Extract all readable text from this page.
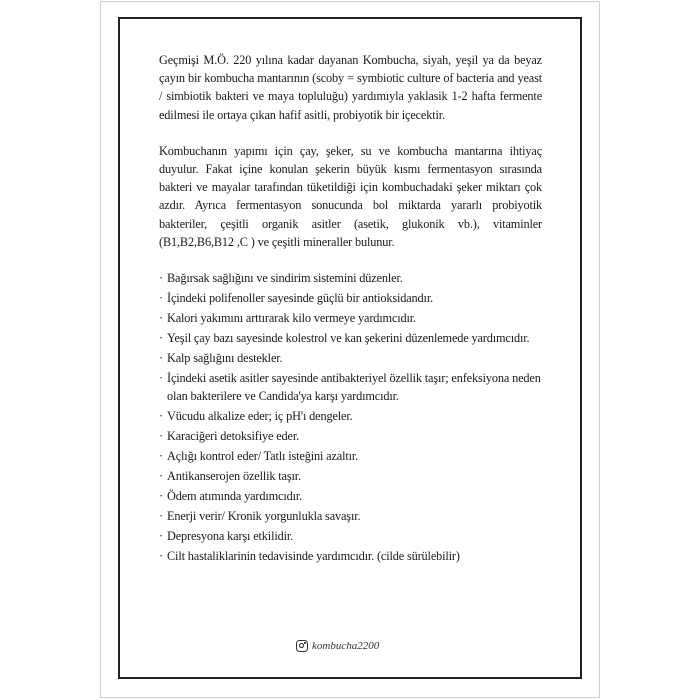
Geçmişi M.Ö. 220 yılına kadar dayanan Kombucha, siyah, yeşil ya da beyaz çayın bir kombucha mantarının (scoby = symbiotic culture of bacteria and yeast / simbiotik bakteri ve maya topluluğu) yardımıyla yaklasik 1-2 hafta fermente edilmesi ile ortaya çıkan hafif asitli, probiyotik bir içecektir.

Kombuchanın yapımı için çay, şeker, su ve kombucha mantarına ihtiyaç duyulur. Fakat içine konulan şekerin büyük kısmı fermentasyon sırasında bakteri ve mayalar tarafından tüketildiği için kombuchadaki şeker miktarı çok azdır. Ayrıca fermentasyon sonucunda bol miktarda yararlı probiyotik bakteriler, çeşitli organik asitler (asetik, glukonik vb.), vitaminler (B1,B2,B6,B12 ,C ) ve çeşitli mineraller bulunur.

· Bağırsak sağlığını ve sindirim sistemini düzenler.
· İçindeki polifenoller sayesinde güçlü bir antioksidandır.
· Kalori yakımını arttırarak kilo vermeye yardımcıdır.
· Yeşil çay bazı sayesinde kolestrol ve kan şekerini düzenlemede yardımcıdır.
· Kalp sağlığını destekler.
· İçindeki asetik asitler sayesinde antibakteriyel özellik taşır; enfeksiyona neden olan bakterilere ve Candida'ya karşı yardımcıdır.
· Vücudu alkalize eder; iç pH'ı dengeler.
· Karaciğeri detoksifiye eder.
· Açlığı kontrol eder/ Tatlı isteğini azaltır.
· Antikanserojen özellik taşır.
· Ödem atımında yardımcıdır.
· Enerji verir/ Kronik yorgunlukla savaşır.
· Depresyona karşı etkilidir.
· Cilt hastaliklarinin tedavisinde yardımcıdır. (cilde sürülebilir)
kombucha2200
